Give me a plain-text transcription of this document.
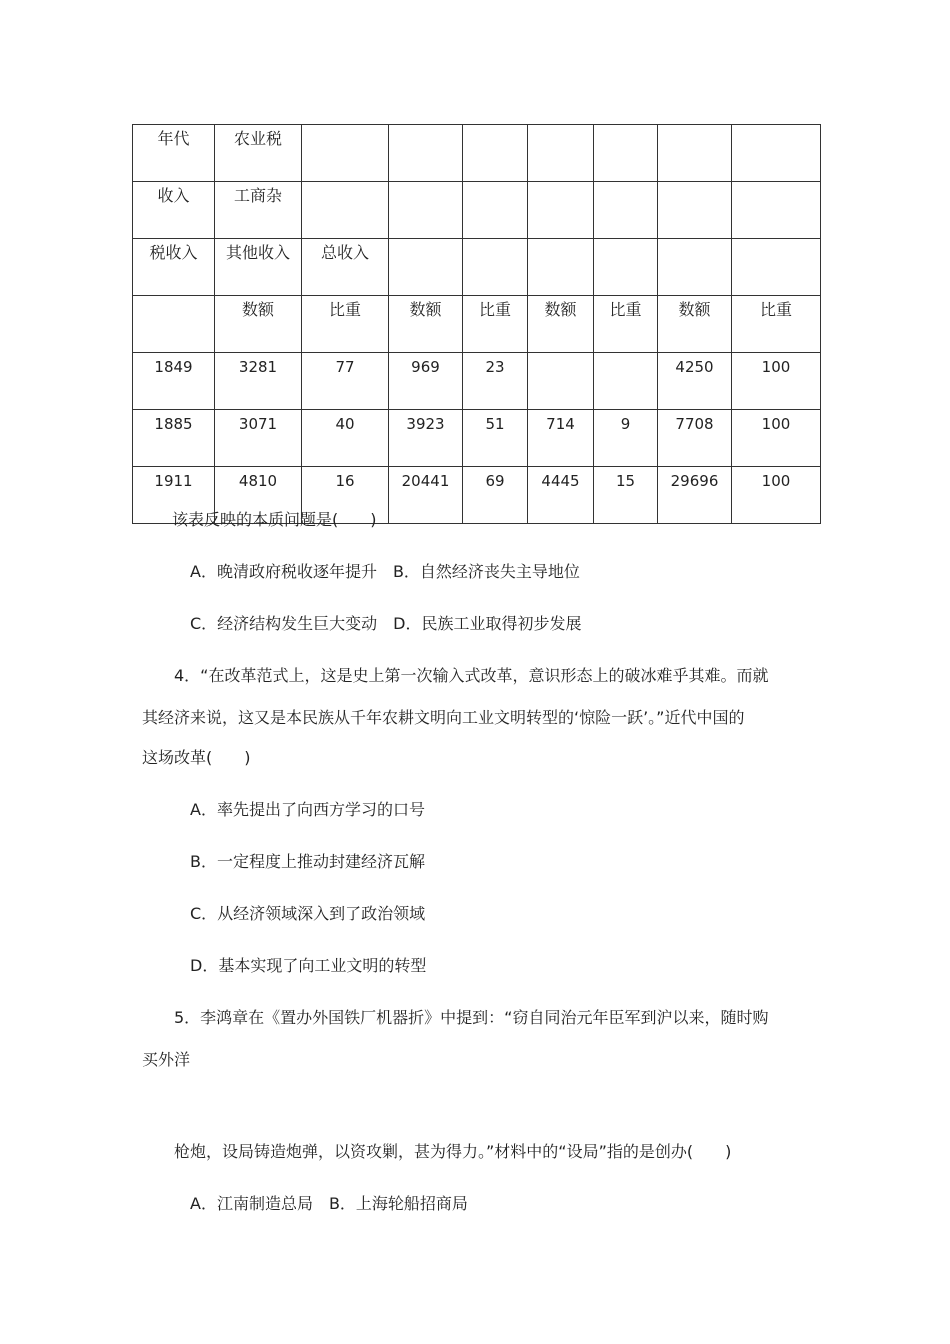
年代	农业税							
收入	工商杂							
税收入	其他收入	总收入						
	数额	比重	数额	比重	数额	比重	数额	比重
1849	3281	77	969	23			4250	100
1885	3071	40	3923	51	714	9	7708	100
1911	4810	16	20441	69	4445	15	29696	100
该表反映的本质问题是(　　)
A．晚清政府税收逐年提升　B．自然经济丧失主导地位
C．经济结构发生巨大变动　D．民族工业取得初步发展
4．“在改革范式上，这是史上第一次输入式改革，意识形态上的破冰难乎其难。而就
其经济来说，这又是本民族从千年农耕文明向工业文明转型的‘惊险一跃’。”近代中国的
这场改革(　　)
A．率先提出了向西方学习的口号
B．一定程度上推动封建经济瓦解
C．从经济领域深入到了政治领域
D．基本实现了向工业文明的转型
5．李鸿章在《置办外国铁厂机器折》中提到：“窃自同治元年臣军到沪以来，随时购
买外洋
枪炮，设局铸造炮弹，以资攻剿，甚为得力。”材料中的“设局”指的是创办(　　)
A．江南制造总局　B．上海轮船招商局
